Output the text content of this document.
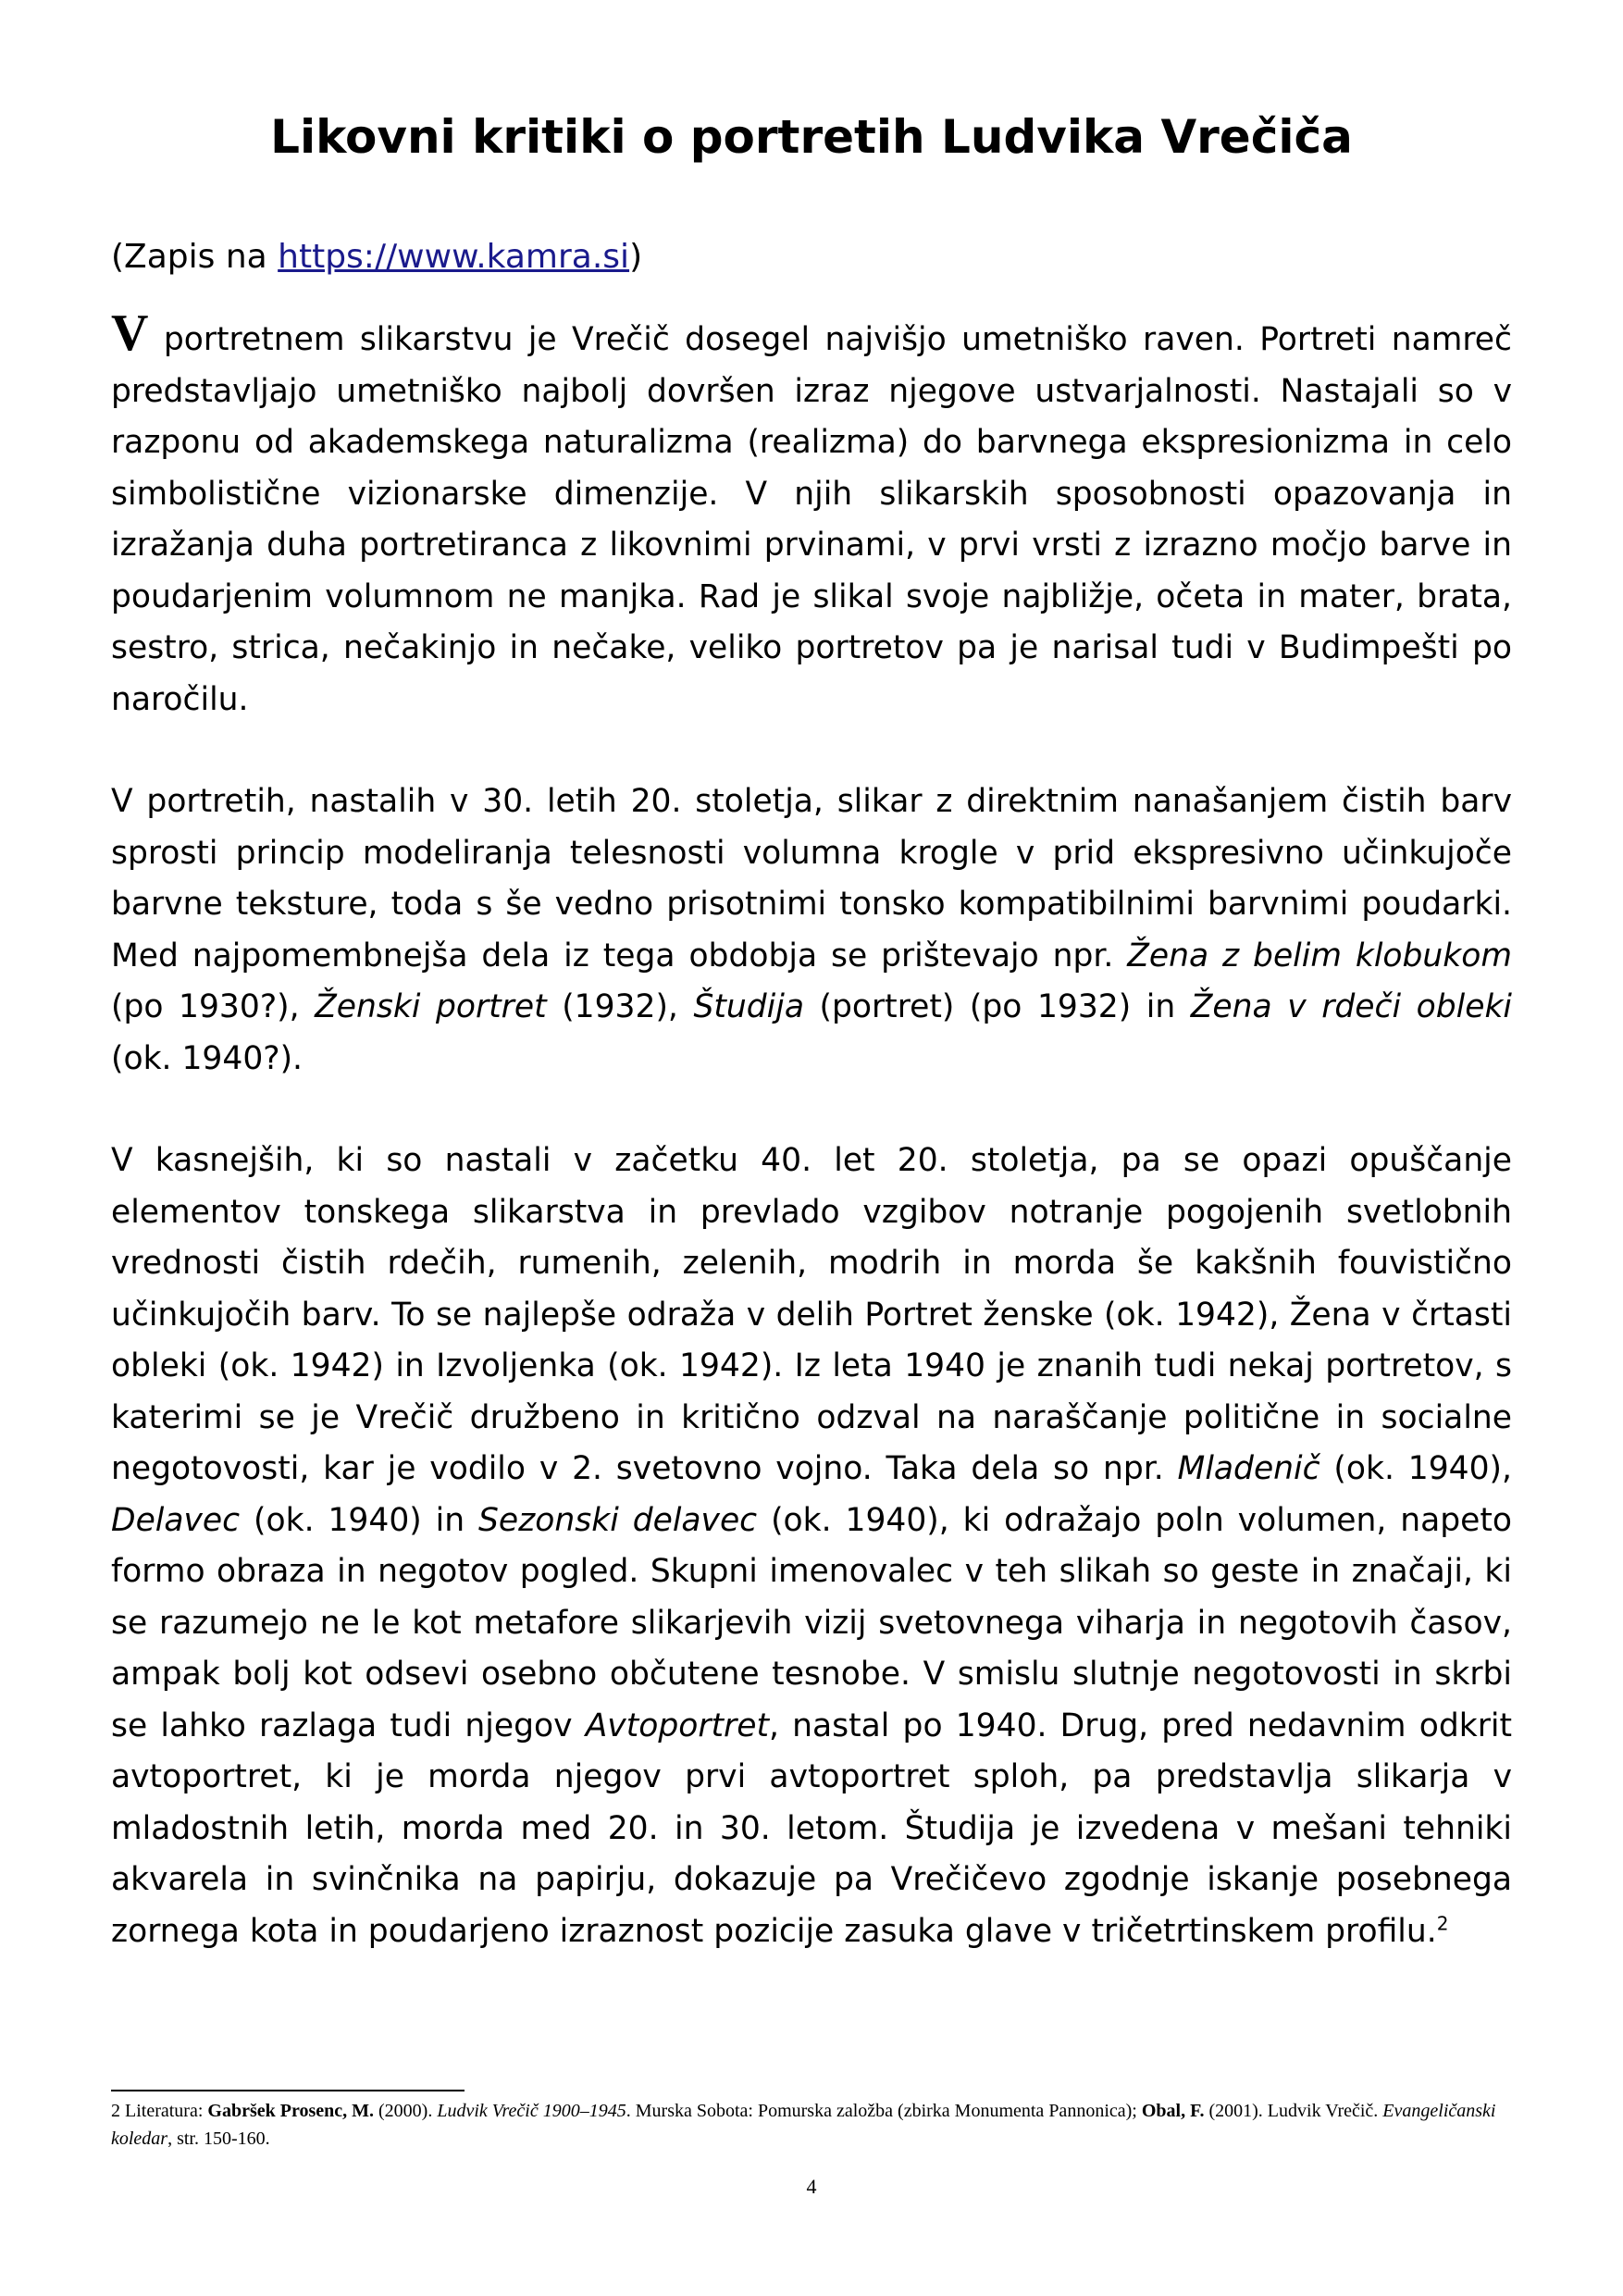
Likovni kritiki o portretih Ludvika Vrečiča
(Zapis na https://www.kamra.si)

V portretnem slikarstvu je Vrečič dosegel najvišjo umetniško raven. Portreti namreč predstavljajo umetniško najbolj dovršen izraz njegove ustvarjalnosti. Nastajali so v razponu od akademskega naturalizma (realizma) do barvnega ekspresionizma in celo simbolistične vizionarske dimenzije. V njih slikarskih sposobnosti opazovanja in izražanja duha portretiranca z likovnimi prvinami, v prvi vrsti z izrazno močjo barve in poudarjenim volumnom ne manjka. Rad je slikal svoje najbližje, očeta in mater, brata, sestro, strica, nečakinjo in nečake, veliko portretov pa je narisal tudi v Budimpešti po naročilu.

V portretih, nastalih v 30. letih 20. stoletja, slikar z direktnim nanašanjem čistih barv sprosti princip modeliranja telesnosti volumna krogle v prid ekspresivno učinkujoče barvne teksture, toda s še vedno prisotnimi tonsko kompatibilnimi barvnimi poudarki. Med najpomembnejša dela iz tega obdobja se prištevajo npr. Žena z belim klobukom (po 1930?), Ženski portret (1932), Študija (portret) (po 1932) in Žena v rdeči obleki (ok. 1940?).

V kasnejših, ki so nastali v začetku 40. let 20. stoletja, pa se opazi opuščanje elementov tonskega slikarstva in prevlado vzgibov notranje pogojenih svetlobnih vrednosti čistih rdečih, rumenih, zelenih, modrih in morda še kakšnih fouvistično učinkujočih barv. To se najlepše odraža v delih Portret ženske (ok. 1942), Žena v črtasti obleki (ok. 1942) in Izvoljenka (ok. 1942). Iz leta 1940 je znanih tudi nekaj portretov, s katerimi se je Vrečič družbeno in kritično odzval na naraščanje politične in socialne negotovosti, kar je vodilo v 2. svetovno vojno. Taka dela so npr. Mladenič (ok. 1940), Delavec (ok. 1940) in Sezonski delavec (ok. 1940), ki odražajo poln volumen, napeto formo obraza in negotov pogled. Skupni imenovalec v teh slikah so geste in značaji, ki se razumejo ne le kot metafore slikarjevih vizij svetovnega viharja in negotovih časov, ampak bolj kot odsevi osebno občutene tesnobe. V smislu slutnje negotovosti in skrbi se lahko razlaga tudi njegov Avtoportret, nastal po 1940. Drug, pred nedavnim odkrit avtoportret, ki je morda njegov prvi avtoportret sploh, pa predstavlja slikarja v mladostnih letih, morda med 20. in 30. letom. Študija je izvedena v mešani tehniki akvarela in svinčnika na papirju, dokazuje pa Vrečičevo zgodnje iskanje posebnega zornega kota in poudarjeno izraznost pozicije zasuka glave v tričetrtinskem profilu.$^2$

2 Literatura: Gabršek Prosenc, M. (2000). Ludvik Vrečič 1900–1945. Murska Sobota: Pomurska založba (zbirka Monumenta Pannonica); Obal, F. (2001). Ludvik Vrečič. Evangeličanski koledar, str. 150-160.
4
